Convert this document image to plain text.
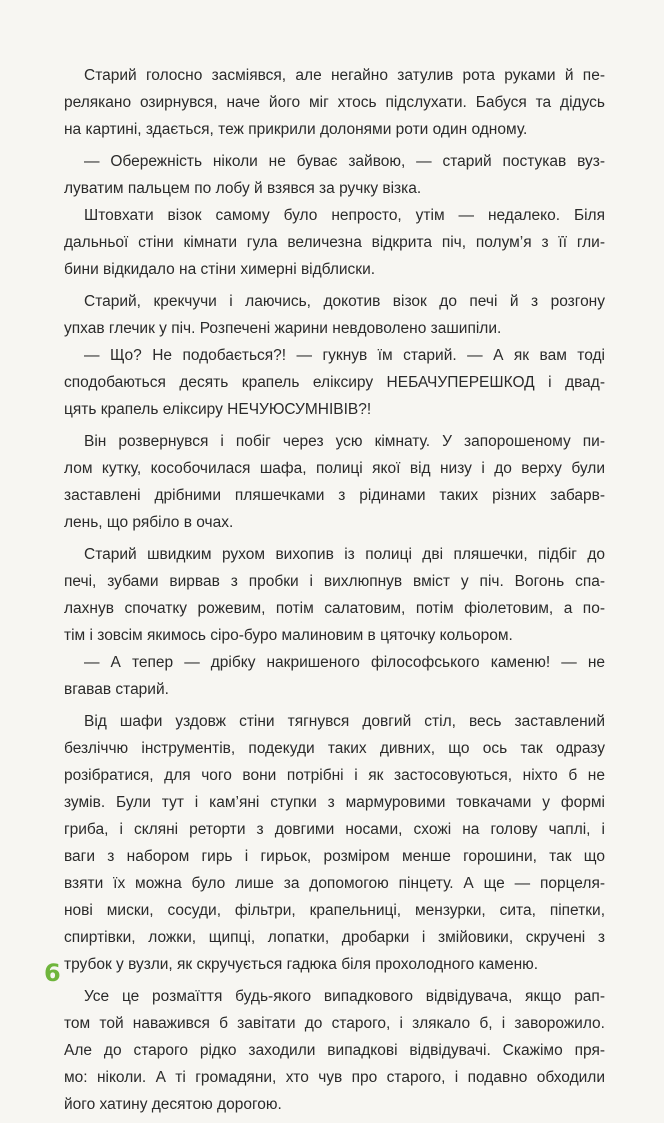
Старий голосно засміявся, але негайно затулив рота руками й пе-
релякано озирнувся, наче його міг хтось підслухати. Бабуся та дідусь
на картині, здається, теж прикрили долонями роти один одному.
— Обережність ніколи не буває зайвою, — старий постукав вуз-
луватим пальцем по лобу й взявся за ручку візка.
Штовхати візок самому було непросто, утім — недалеко. Біля
дальньої стіни кімнати гула величезна відкрита піч, полум’я з її гли-
бини відкидало на стіни химерні відблиски.
Старий, крекчучи і лаючись, докотив візок до печі й з розгону
упхав глечик у піч. Розпечені жарини невдоволено зашипіли.
— Що? Не подобається?! — гукнув їм старий. — А як вам тоді
сподобаються десять крапель еліксиру НЕБАЧУПЕРЕШКОД і двад-
цять крапель еліксиру НЕЧУЮСУМНІВІВ?!
Він розвернувся і побіг через усю кімнату. У запорошеному пи-
лом кутку, кособочилася шафа, полиці якої від низу і до верху були
заставлені дрібними пляшечками з рідинами таких різних забарв-
лень, що рябіло в очах.
Старий швидким рухом вихопив із полиці дві пляшечки, підбіг до
печі, зубами вирвав з пробки і вихлюпнув вміст у піч. Вогонь спа-
лахнув спочатку рожевим, потім салатовим, потім фіолетовим, а по-
тім і зовсім якимось сіро-буро малиновим в цяточку кольором.
— А тепер — дрібку накришеного філософського каменю! — не
вгавав старий.
Від шафи уздовж стіни тягнувся довгий стіл, весь заставлений
безліччю інструментів, подекуди таких дивних, що ось так одразу
розібратися, для чого вони потрібні і як застосовуються, ніхто б не
зумів. Були тут і кам’яні ступки з мармуровими товкачами у формі
гриба, і скляні реторти з довгими носами, схожі на голову чаплі, і
ваги з набором гирь і гирьок, розміром менше горошини, так що
взяти їх можна було лише за допомогою пінцету. А ще — порцеля-
нові миски, сосуди, фільтри, крапельниці, мензурки, сита, піпетки,
спиртівки, ложки, щипці, лопатки, дробарки і змійовики, скручені з
трубок у вузли, як скручується гадюка біля прохолодного каменю.
Усе це розмаїття будь-якого випадкового відвідувача, якщо рап-
том той наважився б завітати до старого, і злякало б, і заворожило.
Але до старого рідко заходили випадкові відвідувачі. Скажімо пря-
мо: ніколи. А ті громадяни, хто чув про старого, і подавно обходили
його хатину десятою дорогою.
6
